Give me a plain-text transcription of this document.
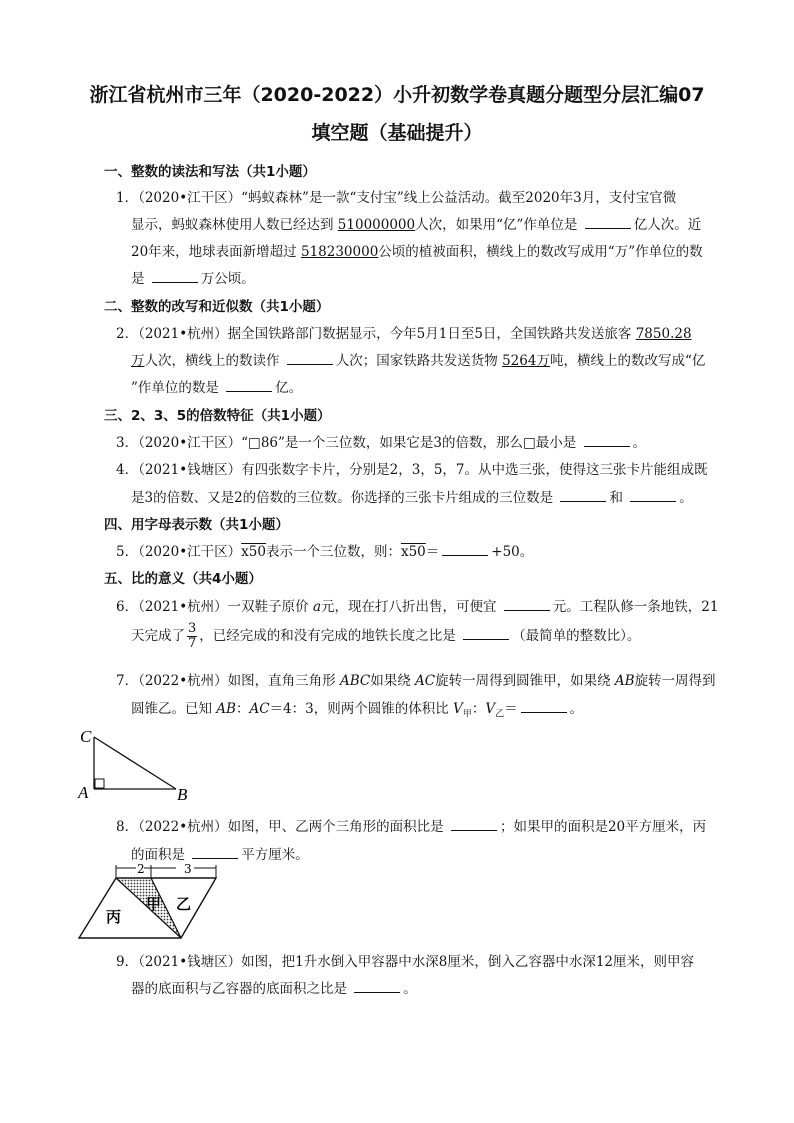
浙江省杭州市三年（2020-2022）小升初数学卷真题分题型分层汇编07
填空题（基础提升）
一、整数的读法和写法（共1小题）
1．（2020•江干区）“蚂蚁森林”是一款“支付宝”线上公益活动。截至2020年3月，支付宝官微
显示，蚂蚁森林使用人数已经达到 510000000人次，如果用“亿”作单位是	亿人次。近
20年来，地球表面新增超过 518230000公顷的植被面积，横线上的数改写成用“万”作单位的数
是	万公顷。
二、整数的改写和近似数（共1小题）
2．（2021•杭州）据全国铁路部门数据显示，今年5月1日至5日，全国铁路共发送旅客 7850.28
万人次，横线上的数读作	人次；国家铁路共发送货物 5264万吨，横线上的数改写成“亿
”作单位的数是	亿。
三、2、3、5的倍数特征（共1小题）
3．（2020•江干区）“□86”是一个三位数，如果它是3的倍数，那么□最小是	。
4．（2021•钱塘区）有四张数字卡片，分别是2，3，5，7。从中选三张，使得这三张卡片能组成既
是3的倍数、又是2的倍数的三位数。你选择的三张卡片组成的三位数是	和	。
四、用字母表示数（共1小题）
5．（2020•江干区）x50表示一个三位数，则：x50＝	+50。
五、比的意义（共4小题）
6．（2021•杭州）一双鞋子原价 a元，现在打八折出售，可便宜	元。工程队修一条地铁，21
天完成了 $\frac{3}{7}$ ，已经完成的和没有完成的地铁长度之比是	（最简单的整数比）。
7．（2022•杭州）如图，直角三角形 ABC如果绕 AC旋转一周得到圆锥甲，如果绕 AB旋转一周得到
圆锥乙。已知 AB：AC＝4：3，则两个圆锥的体积比 $V_甲$：$V_乙=$	。
C
A	B
8．（2022•杭州）如图，甲、乙两个三角形的面积比是	；如果甲的面积是20平方厘米，丙
的面积是	平方厘米。
2	3
丙
甲 乙
9．（2021•钱塘区）如图，把1升水倒入甲容器中水深8厘米，倒入乙容器中水深12厘米，则甲容
器的底面积与乙容器的底面积之比是	。
